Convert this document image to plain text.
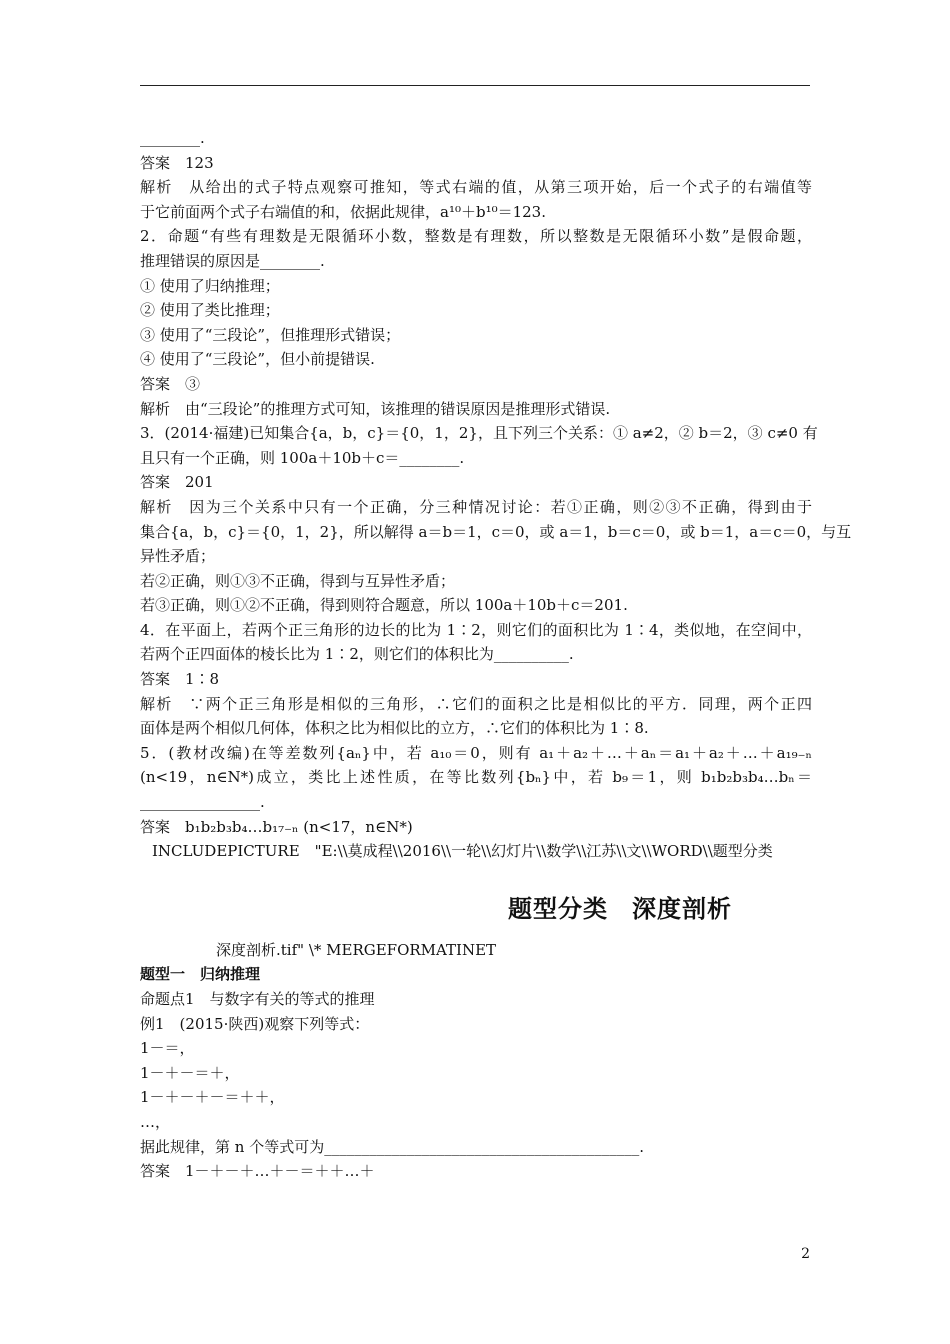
________.
答案　123
解析　从给出的式子特点观察可推知，等式右端的值，从第三项开始，后一个式子的右端值等
于它前面两个式子右端值的和，依据此规律，a¹⁰＋b¹⁰＝123.
2．命题“有些有理数是无限循环小数，整数是有理数，所以整数是无限循环小数”是假命题，
推理错误的原因是________.
① 使用了归纳推理；
② 使用了类比推理；
③ 使用了“三段论”，但推理形式错误；
④ 使用了“三段论”，但小前提错误.
答案　③
解析　由“三段论”的推理方式可知，该推理的错误原因是推理形式错误.
3．(2014·福建)已知集合{a，b，c}＝{0，1，2}，且下列三个关系：① a≠2，② b＝2，③ c≠0 有
且只有一个正确，则 100a＋10b＋c＝________.
答案　201
解析　因为三个关系中只有一个正确，分三种情况讨论：若①正确，则②③不正确，得到由于
集合{a，b，c}＝{0，1，2}，所以解得 a＝b＝1，c＝0，或 a＝1，b＝c＝0，或 b＝1，a＝c＝0，与互
异性矛盾；
若②正确，则①③不正确，得到与互异性矛盾；
若③正确，则①②不正确，得到则符合题意，所以 100a＋10b＋c＝201.
4．在平面上，若两个正三角形的边长的比为 1∶2，则它们的面积比为 1∶4，类似地，在空间中，
若两个正四面体的棱长比为 1∶2，则它们的体积比为__________.
答案　1∶8
解析　∵两个正三角形是相似的三角形，∴它们的面积之比是相似比的平方．同理，两个正四
面体是两个相似几何体，体积之比为相似比的立方，∴它们的体积比为 1∶8.
5．(教材改编)在等差数列{aₙ}中，若 a₁₀＝0，则有 a₁＋a₂＋…＋aₙ＝a₁＋a₂＋…＋a₁₉₋ₙ
(n<19，n∈N*)成立，类比上述性质，在等比数列{bₙ}中，若 b₉＝1，则 b₁b₂b₃b₄…bₙ＝
________________.
答案　b₁b₂b₃b₄…b₁₇₋ₙ (n<17，n∈N*)
INCLUDEPICTURE　"E:\\莫成程\\2016\\一轮\\幻灯片\\数学\\江苏\\文\\WORD\\题型分类
题型分类 深度剖析
深度剖析.tif" \* MERGEFORMATINET
题型一　归纳推理
命题点1　与数字有关的等式的推理
例1　(2015·陕西)观察下列等式：
1－＝，
1－＋－＝＋，
1－＋－＋－＝＋＋，
…，
据此规律，第 n 个等式可为__________________________________________.
答案　1－＋－＋…＋－＝＋＋…＋
2
